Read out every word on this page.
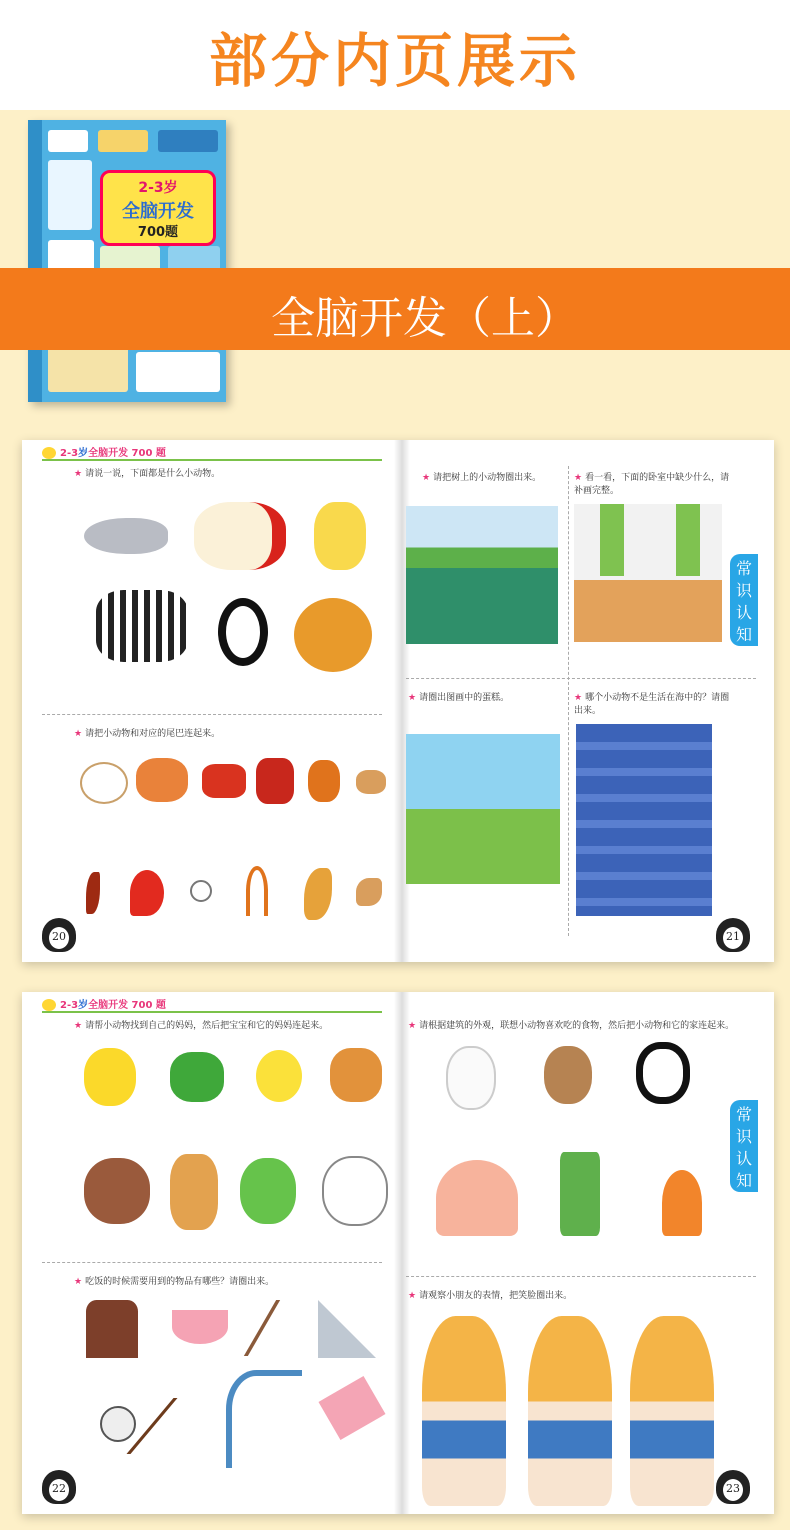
部分内页展示
2-3岁
全脑开发
700题
全脑开发（上）
2-3岁全脑开发 700 题
★ 请说一说，下面都是什么小动物。
★ 请把小动物和对应的尾巴连起来。
20
★ 请把树上的小动物圈出来。	★ 看一看，下面的卧室中缺少什么，请补画完整。
★ 请圈出图画中的蛋糕。	★ 哪个小动物不是生活在海中的？请圈出来。
常识认知
21
2-3岁全脑开发 700 题
★ 请帮小动物找到自己的妈妈，然后把宝宝和它的妈妈连起来。
★ 吃饭的时候需要用到的物品有哪些？请圈出来。
22
★ 请根据建筑的外观，联想小动物喜欢吃的食物，然后把小动物和它的家连起来。
★ 请观察小朋友的表情，把笑脸圈出来。
常识认知
23
